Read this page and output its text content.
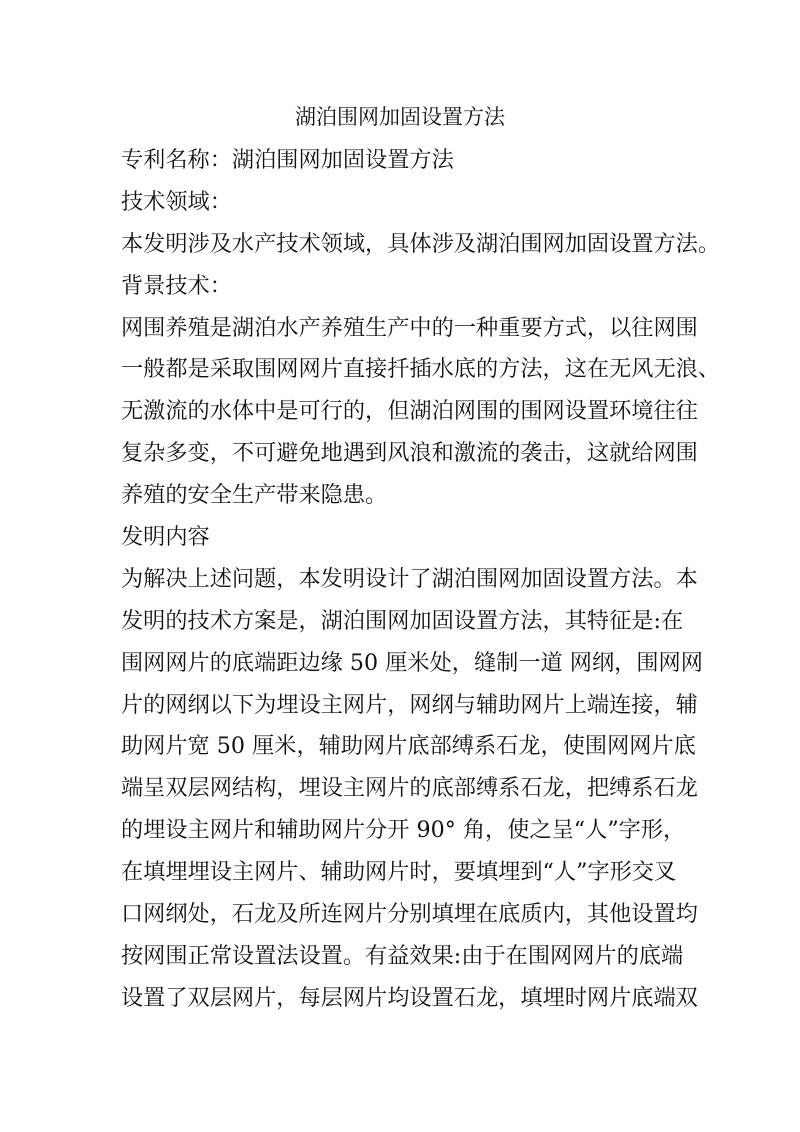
湖泊围网加固设置方法
专利名称：湖泊围网加固设置方法
技术领域：
本发明涉及水产技术领域，具体涉及湖泊围网加固设置方法。
背景技术：
网围养殖是湖泊水产养殖生产中的一种重要方式，以往网围
一般都是采取围网网片直接扦插水底的方法，这在无风无浪、
无激流的水体中是可行的，但湖泊网围的围网设置环境往往
复杂多变，不可避免地遇到风浪和激流的袭击，这就给网围
养殖的安全生产带来隐患。
发明内容
为解决上述问题，本发明设计了湖泊围网加固设置方法。本
发明的技术方案是，湖泊围网加固设置方法，其特征是:在
围网网片的底端距边缘 50 厘米处，缝制一道 网纲，围网网
片的网纲以下为埋设主网片，网纲与辅助网片上端连接，辅
助网片宽 50 厘米，辅助网片底部缚系石龙，使围网网片底
端呈双层网结构，埋设主网片的底部缚系石龙，把缚系石龙
的埋设主网片和辅助网片分开 90° 角，使之呈“人”字形，
在填埋埋设主网片、辅助网片时，要填埋到“人”字形交叉
口网纲处，石龙及所连网片分别填埋在底质内，其他设置均
按网围正常设置法设置。有益效果:由于在围网网片的底端
设置了双层网片，每层网片均设置石龙，填埋时网片底端双
